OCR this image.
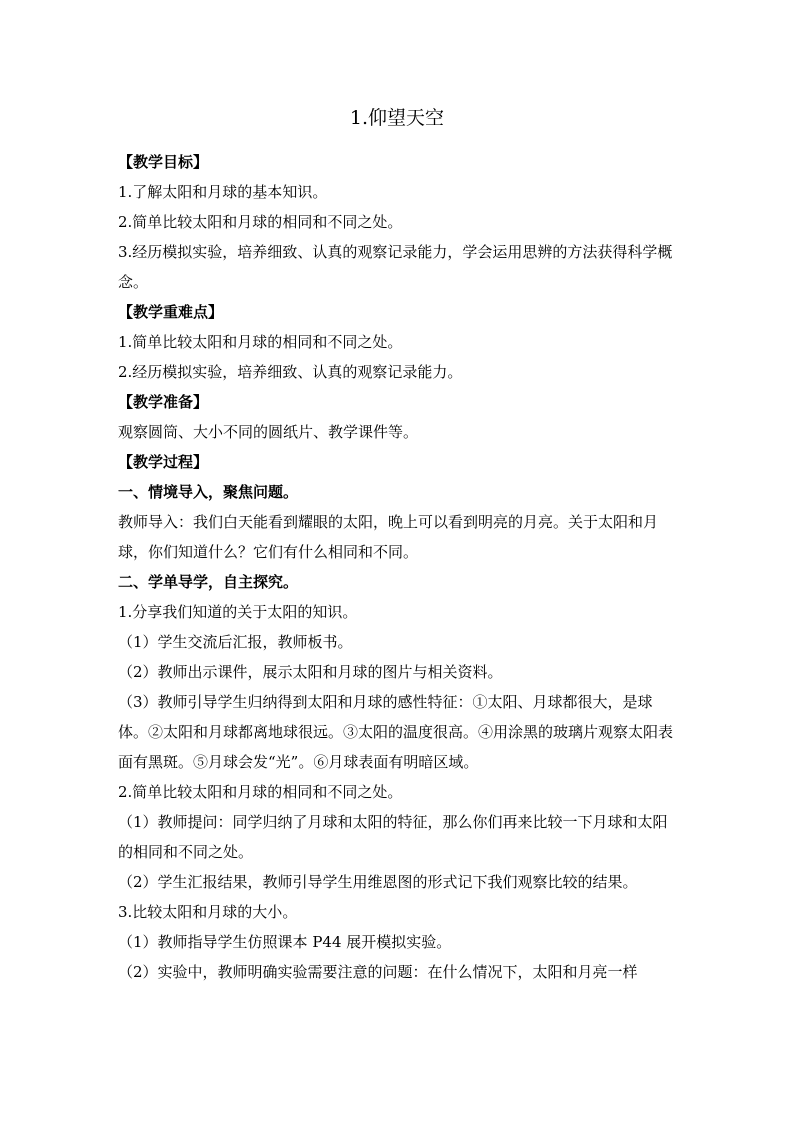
1.仰望天空
【教学目标】
1.了解太阳和月球的基本知识。
2.简单比较太阳和月球的相同和不同之处。
3.经历模拟实验，培养细致、认真的观察记录能力，学会运用思辨的方法获得科学概念。
【教学重难点】
1.简单比较太阳和月球的相同和不同之处。
2.经历模拟实验，培养细致、认真的观察记录能力。
【教学准备】
观察圆筒、大小不同的圆纸片、教学课件等。
【教学过程】
一、情境导入，聚焦问题。
教师导入：我们白天能看到耀眼的太阳，晚上可以看到明亮的月亮。关于太阳和月球，你们知道什么？它们有什么相同和不同。
二、学单导学，自主探究。
1.分享我们知道的关于太阳的知识。
（1）学生交流后汇报，教师板书。
（2）教师出示课件，展示太阳和月球的图片与相关资料。
（3）教师引导学生归纳得到太阳和月球的感性特征：①太阳、月球都很大，是球体。②太阳和月球都离地球很远。③太阳的温度很高。④用涂黑的玻璃片观察太阳表面有黑斑。⑤月球会发“光”。⑥月球表面有明暗区域。
2.简单比较太阳和月球的相同和不同之处。
（1）教师提问：同学归纳了月球和太阳的特征，那么你们再来比较一下月球和太阳的相同和不同之处。
（2）学生汇报结果，教师引导学生用维恩图的形式记下我们观察比较的结果。
3.比较太阳和月球的大小。
（1）教师指导学生仿照课本 P44 展开模拟实验。
（2）实验中，教师明确实验需要注意的问题：在什么情况下，太阳和月亮一样
